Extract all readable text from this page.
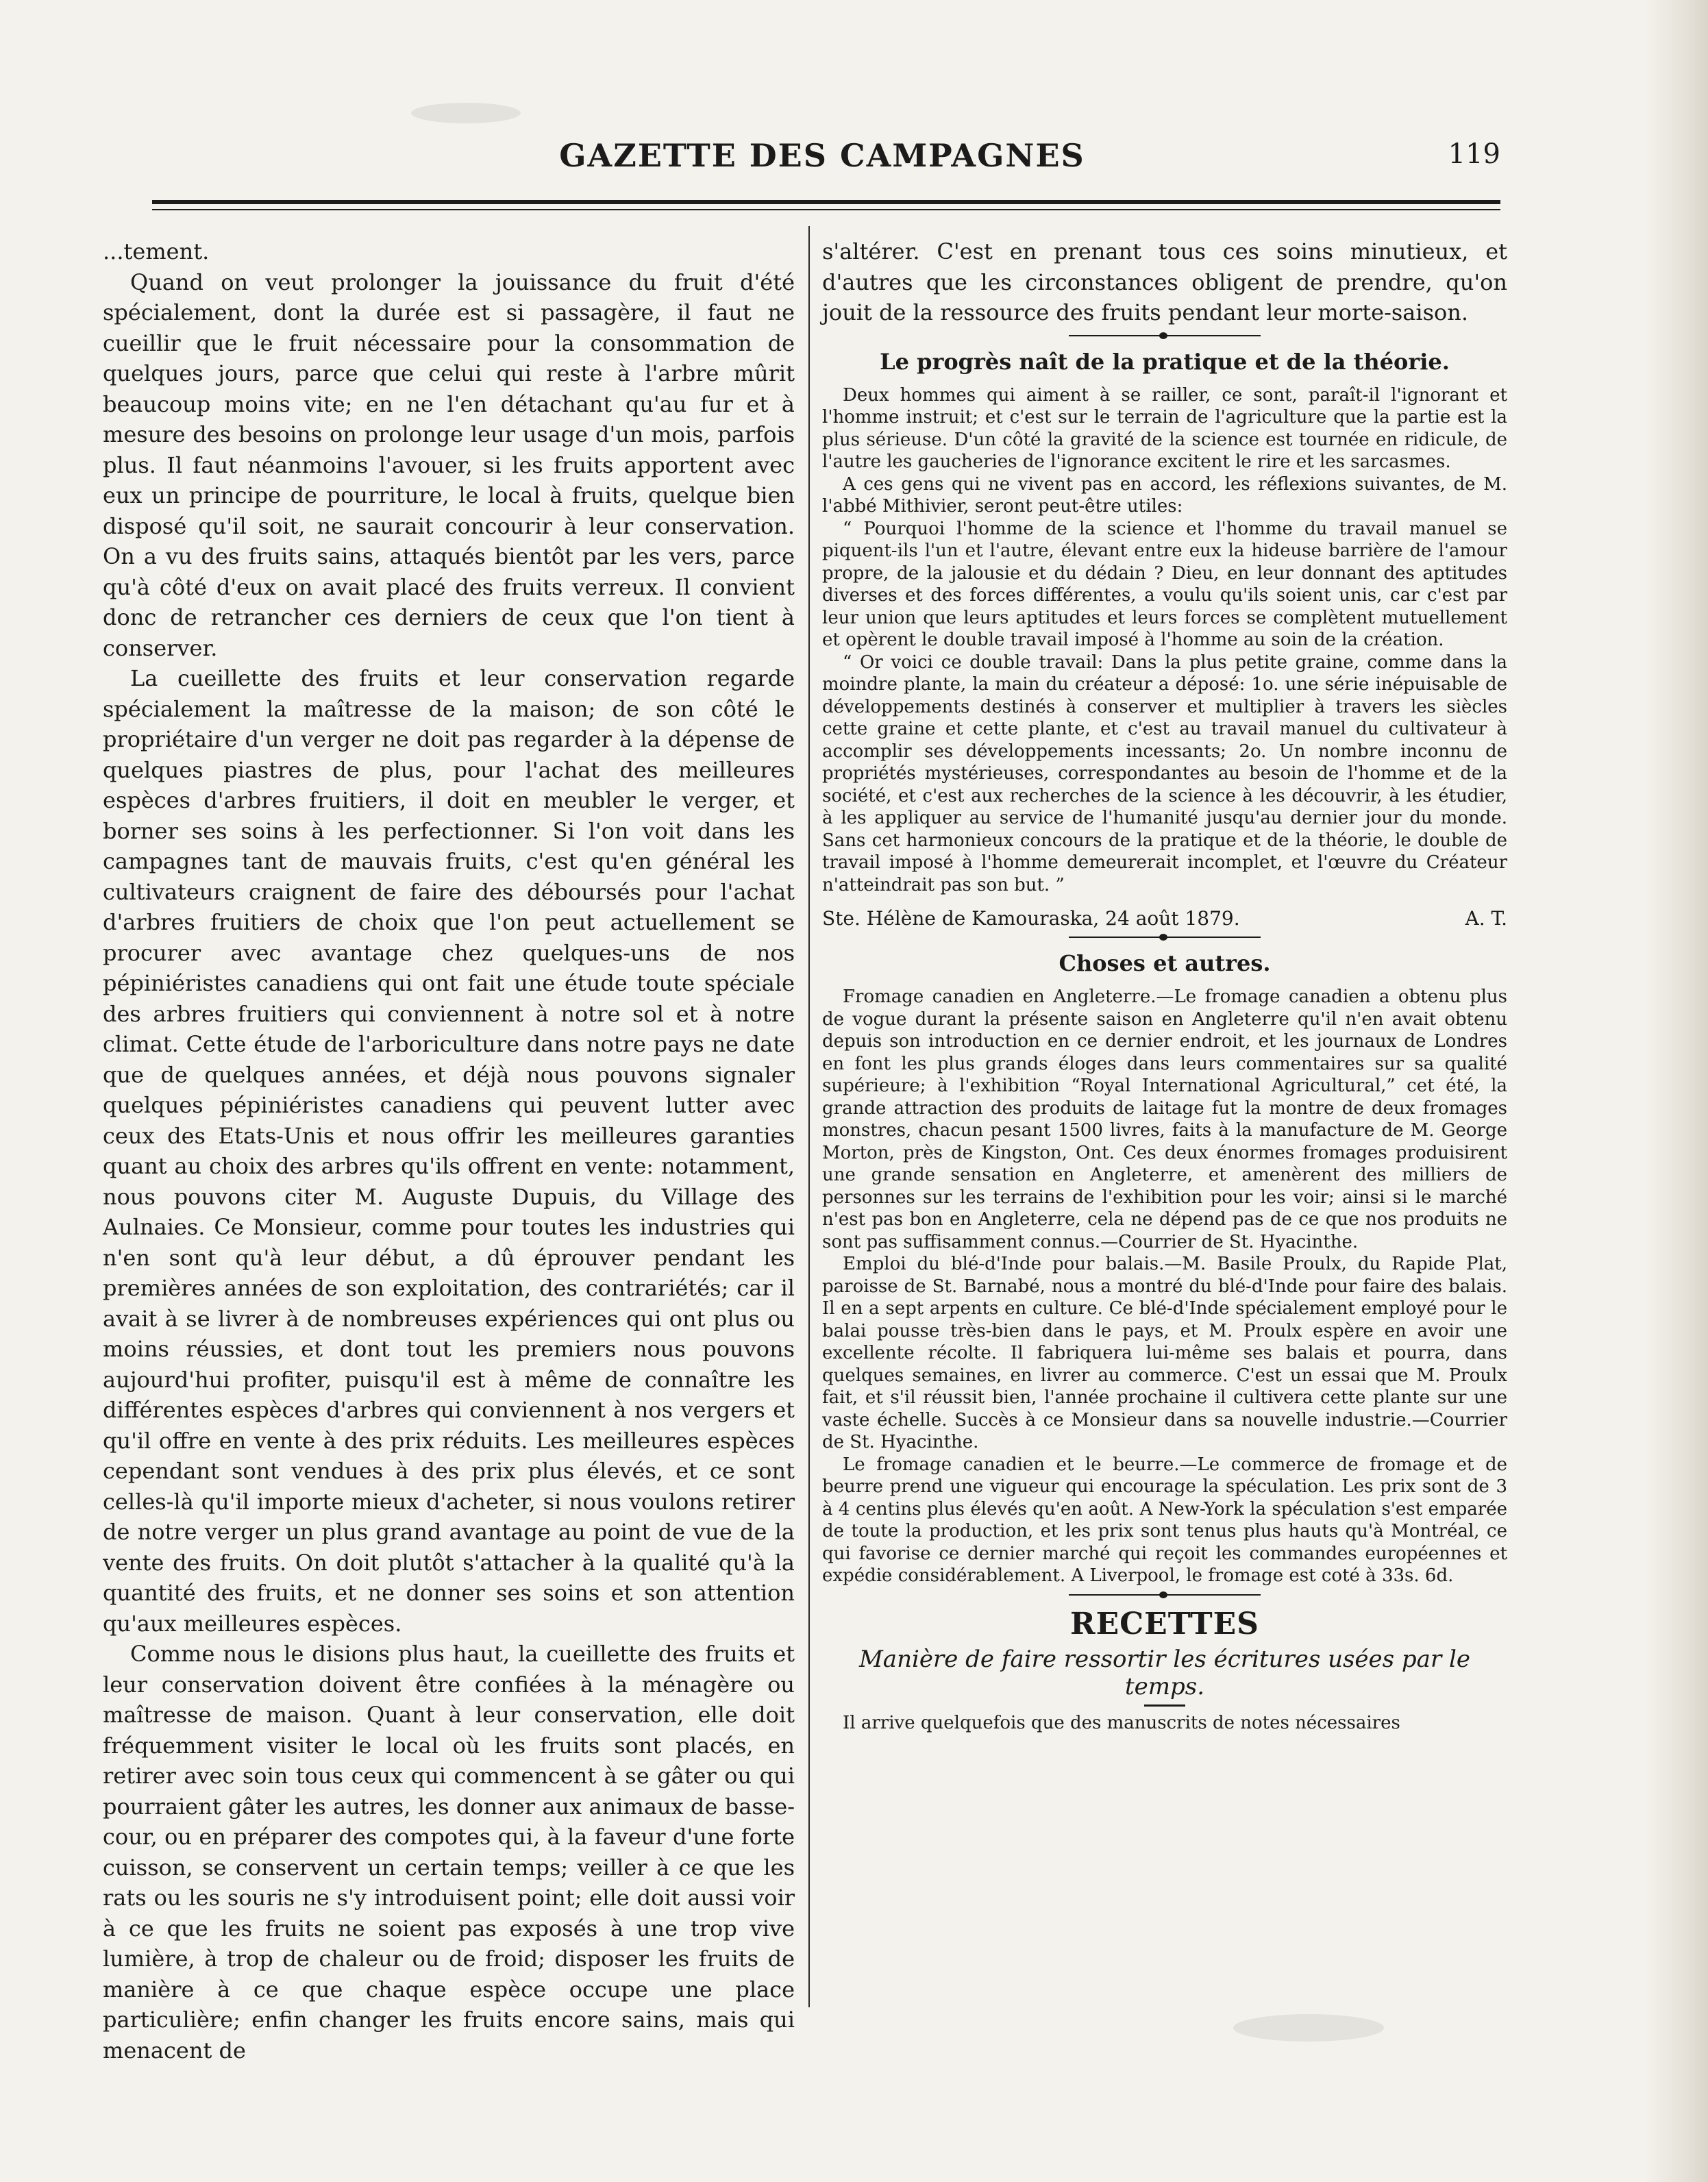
GAZETTE DES CAMPAGNES	119

...tement.

Quand on veut prolonger la jouissance du fruit d'été spécialement, dont la durée est si passagère, il faut ne cueillir que le fruit nécessaire pour la consommation de quelques jours, parce que celui qui reste à l'arbre mûrit beaucoup moins vite; en ne l'en détachant qu'au fur et à mesure des besoins on prolonge leur usage d'un mois, parfois plus. Il faut néanmoins l'avouer, si les fruits apportent avec eux un principe de pourriture, le local à fruits, quelque bien disposé qu'il soit, ne saurait concourir à leur conservation. On a vu des fruits sains, attaqués bientôt par les vers, parce qu'à côté d'eux on avait placé des fruits verreux. Il convient donc de retrancher ces derniers de ceux que l'on tient à conserver.

La cueillette des fruits et leur conservation regarde spécialement la maîtresse de la maison; de son côté le propriétaire d'un verger ne doit pas regarder à la dépense de quelques piastres de plus, pour l'achat des meilleures espèces d'arbres fruitiers, il doit en meubler le verger, et borner ses soins à les perfectionner. Si l'on voit dans les campagnes tant de mauvais fruits, c'est qu'en général les cultivateurs craignent de faire des déboursés pour l'achat d'arbres fruitiers de choix que l'on peut actuellement se procurer avec avantage chez quelques-uns de nos pépiniéristes canadiens qui ont fait une étude toute spéciale des arbres fruitiers qui conviennent à notre sol et à notre climat. Cette étude de l'arboriculture dans notre pays ne date que de quelques années, et déjà nous pouvons signaler quelques pépiniéristes canadiens qui peuvent lutter avec ceux des Etats-Unis et nous offrir les meilleures garanties quant au choix des arbres qu'ils offrent en vente: notamment, nous pouvons citer M. Auguste Dupuis, du Village des Aulnaies. Ce Monsieur, comme pour toutes les industries qui n'en sont qu'à leur début, a dû éprouver pendant les premières années de son exploitation, des contrariétés; car il avait à se livrer à de nombreuses expériences qui ont plus ou moins réussies, et dont tout les premiers nous pouvons aujourd'hui profiter, puisqu'il est à même de connaître les différentes espèces d'arbres qui conviennent à nos vergers et qu'il offre en vente à des prix réduits. Les meilleures espèces cependant sont vendues à des prix plus élevés, et ce sont celles-là qu'il importe mieux d'acheter, si nous voulons retirer de notre verger un plus grand avantage au point de vue de la vente des fruits. On doit plutôt s'attacher à la qualité qu'à la quantité des fruits, et ne donner ses soins et son attention qu'aux meilleures espèces.

Comme nous le disions plus haut, la cueillette des fruits et leur conservation doivent être confiées à la ménagère ou maîtresse de maison. Quant à leur conservation, elle doit fréquemment visiter le local où les fruits sont placés, en retirer avec soin tous ceux qui commencent à se gâter ou qui pourraient gâter les autres, les donner aux animaux de basse-cour, ou en préparer des compotes qui, à la faveur d'une forte cuisson, se conservent un certain temps; veiller à ce que les rats ou les souris ne s'y introduisent point; elle doit aussi voir à ce que les fruits ne soient pas exposés à une trop vive lumière, à trop de chaleur ou de froid; disposer les fruits de manière à ce que chaque espèce occupe une place particulière; enfin changer les fruits encore sains, mais qui menacent de

s'altérer. C'est en prenant tous ces soins minutieux, et d'autres que les circonstances obligent de prendre, qu'on jouit de la ressource des fruits pendant leur morte-saison.

Le progrès naît de la pratique et de la théorie.

Deux hommes qui aiment à se railler, ce sont, paraît-il l'ignorant et l'homme instruit; et c'est sur le terrain de l'agriculture que la partie est la plus sérieuse. D'un côté la gravité de la science est tournée en ridicule, de l'autre les gaucheries de l'ignorance excitent le rire et les sarcasmes.

A ces gens qui ne vivent pas en accord, les réflexions suivantes, de M. l'abbé Mithivier, seront peut-être utiles:

“ Pourquoi l'homme de la science et l'homme du travail manuel se piquent-ils l'un et l'autre, élevant entre eux la hideuse barrière de l'amour propre, de la jalousie et du dédain ? Dieu, en leur donnant des aptitudes diverses et des forces différentes, a voulu qu'ils soient unis, car c'est par leur union que leurs aptitudes et leurs forces se complètent mutuellement et opèrent le double travail imposé à l'homme au soin de la création.

“ Or voici ce double travail: Dans la plus petite graine, comme dans la moindre plante, la main du créateur a déposé: 1o. une série inépuisable de développements destinés à conserver et multiplier à travers les siècles cette graine et cette plante, et c'est au travail manuel du cultivateur à accomplir ses développements incessants; 2o. Un nombre inconnu de propriétés mystérieuses, correspondantes au besoin de l'homme et de la société, et c'est aux recherches de la science à les découvrir, à les étudier, à les appliquer au service de l'humanité jusqu'au dernier jour du monde. Sans cet harmonieux concours de la pratique et de la théorie, le double de travail imposé à l'homme demeurerait incomplet, et l'œuvre du Créateur n'atteindrait pas son but. ”

Ste. Hélène de Kamouraska, 24 août 1879.	A. T.
Choses et autres.

Fromage canadien en Angleterre.—Le fromage canadien a obtenu plus de vogue durant la présente saison en Angleterre qu'il n'en avait obtenu depuis son introduction en ce dernier endroit, et les journaux de Londres en font les plus grands éloges dans leurs commentaires sur sa qualité supérieure; à l'exhibition “Royal International Agricultural,” cet été, la grande attraction des produits de laitage fut la montre de deux fromages monstres, chacun pesant 1500 livres, faits à la manufacture de M. George Morton, près de Kingston, Ont. Ces deux énormes fromages produisirent une grande sensation en Angleterre, et amenèrent des milliers de personnes sur les terrains de l'exhibition pour les voir; ainsi si le marché n'est pas bon en Angleterre, cela ne dépend pas de ce que nos produits ne sont pas suffisamment connus.—Courrier de St. Hyacinthe.

Emploi du blé-d'Inde pour balais.—M. Basile Proulx, du Rapide Plat, paroisse de St. Barnabé, nous a montré du blé-d'Inde pour faire des balais. Il en a sept arpents en culture. Ce blé-d'Inde spécialement employé pour le balai pousse très-bien dans le pays, et M. Proulx espère en avoir une excellente récolte. Il fabriquera lui-même ses balais et pourra, dans quelques semaines, en livrer au commerce. C'est un essai que M. Proulx fait, et s'il réussit bien, l'année prochaine il cultivera cette plante sur une vaste échelle. Succès à ce Monsieur dans sa nouvelle industrie.—Courrier de St. Hyacinthe.

Le fromage canadien et le beurre.—Le commerce de fromage et de beurre prend une vigueur qui encourage la spéculation. Les prix sont de 3 à 4 centins plus élevés qu'en août. A New-York la spéculation s'est emparée de toute la production, et les prix sont tenus plus hauts qu'à Montréal, ce qui favorise ce dernier marché qui reçoit les commandes européennes et expédie considérablement. A Liverpool, le fromage est coté à 33s. 6d.

RECETTES
Manière de faire ressortir les écritures usées par le temps.

Il arrive quelquefois que des manuscrits de notes nécessaires
